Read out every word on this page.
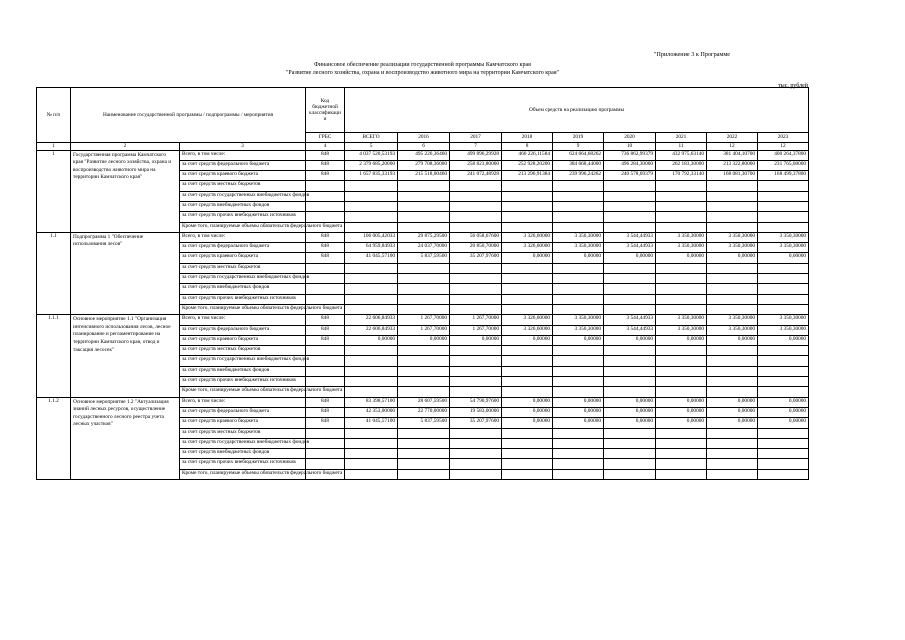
"Приложение 3 к Программе
Финансовое обеспечение реализации государственной программы Камчатского края
"Развитие лесного хозяйства, охрана и воспроизводство животного мира на территории Камчатского края"
тыс. рублей
№ п/п	Наименование государственной программы / подпрограммы / мероприятия		Код бюджетной классификаци и	Объем средств на реализацию программы								
			ГРБС	ВСЕГО	2016	2017	2018	2019	2020	2021	2022	2023
1	2	3	4	5	6	7	8	9	10	11	12	12
1	Государственная программа Камчатского края "Развитие лесного хозяйства, охрана и воспроизводство животного мира на территории Камчатского края"	Всего, в том числе:	848	4 037 520,53193	495 226,36460	499 896,29928	466 226,11584	624 664,68262	736 862,99379	432 975,63140	381 404,10700	400 264,37800
		за счет средств федерального бюджета	848	2 379 685,20000	279 708,36000	258 823,80000	252 928,20200	384 668,44000	496 284,30000	262 183,30000	213 322,80000	231 765,00000
		за счет средств краевого бюджета	848	1 657 835,33193	215 518,00460	241 072,48928	213 296,91384	239 996,24262	240 578,69379	170 792,33140	168 081,30700	168 499,37800
		за счет средств местных бюджетов										
		за счет средств государственных внебюджетных фондов										
		за счет средств внебюджетных фондов										
		за счет средств прочих внебюджетных источников										
		Кроме того, планируемые объемы обязательств федерального бюджета										
1.1	Подпрограмма 1 "Обеспечение использования лесов"	Всего, в том числе:	848	106 005,42033	29 875,29500	56 058,67600	3 326,60000	3 350,30000	3 544,44933	3 350,30000	3 350,30000	3 350,30000
		за счет средств федерального бюджета	848	64 959,84933	24 037,70000	20 850,70000	3 326,60000	3 350,30000	3 544,44933	3 350,30000	3 350,30000	3 350,30000
		за счет средств краевого бюджета	848	41 045,57100	5 837,59500	35 207,97600	0,00000	0,00000	0,00000	0,00000	0,00000	0,00000
		за счет средств местных бюджетов										
		за счет средств государственных внебюджетных фондов										
		за счет средств внебюджетных фондов										
		за счет средств прочих внебюджетных источников										
		Кроме того, планируемые объемы обязательств федерального бюджета										
1.1.1	Основное мероприятие 1.1 "Организация интенсивного использования лесов, лесное планирование и регламентирование на территории Камчатского края, отвод и таксация лесосек"	Всего, в том числе:	848	22 606,84933	1 267,70000	1 267,70000	3 326,60000	3 350,30000	3 544,44933	3 350,30000	3 350,30000	3 350,30000
		за счет средств федерального бюджета	848	22 606,84933	1 267,70000	1 267,70000	3 326,60000	3 350,30000	3 544,44933	3 350,30000	3 350,30000	3 350,30000
		за счет средств краевого бюджета	848	0,00000	0,00000	0,00000	0,00000	0,00000	0,00000	0,00000	0,00000	0,00000
		за счет средств местных бюджетов										
		за счет средств государственных внебюджетных фондов										
		за счет средств внебюджетных фондов										
		за счет средств прочих внебюджетных источников										
		Кроме того, планируемые объемы обязательств федерального бюджета										
1.1.2	Основное мероприятие 1.2 "Актуализация знаний лесных ресурсов, осуществление государственного лесного реестра учета лесных участков"	Всего, в том числе:	848	83 398,57100	28 607,59500	54 790,97600	0,00000	0,00000	0,00000	0,00000	0,00000	0,00000
		за счет средств федерального бюджета	848	42 353,00000	22 770,00000	19 583,00000	0,00000	0,00000	0,00000	0,00000	0,00000	0,00000
		за счет средств краевого бюджета	848	41 045,57100	5 837,59500	35 207,97600	0,00000	0,00000	0,00000	0,00000	0,00000	0,00000
		за счет средств местных бюджетов										
		за счет средств государственных внебюджетных фондов										
		за счет средств внебюджетных фондов										
		за счет средств прочих внебюджетных источников										
		Кроме того, планируемые объемы обязательств федерального бюджета										
